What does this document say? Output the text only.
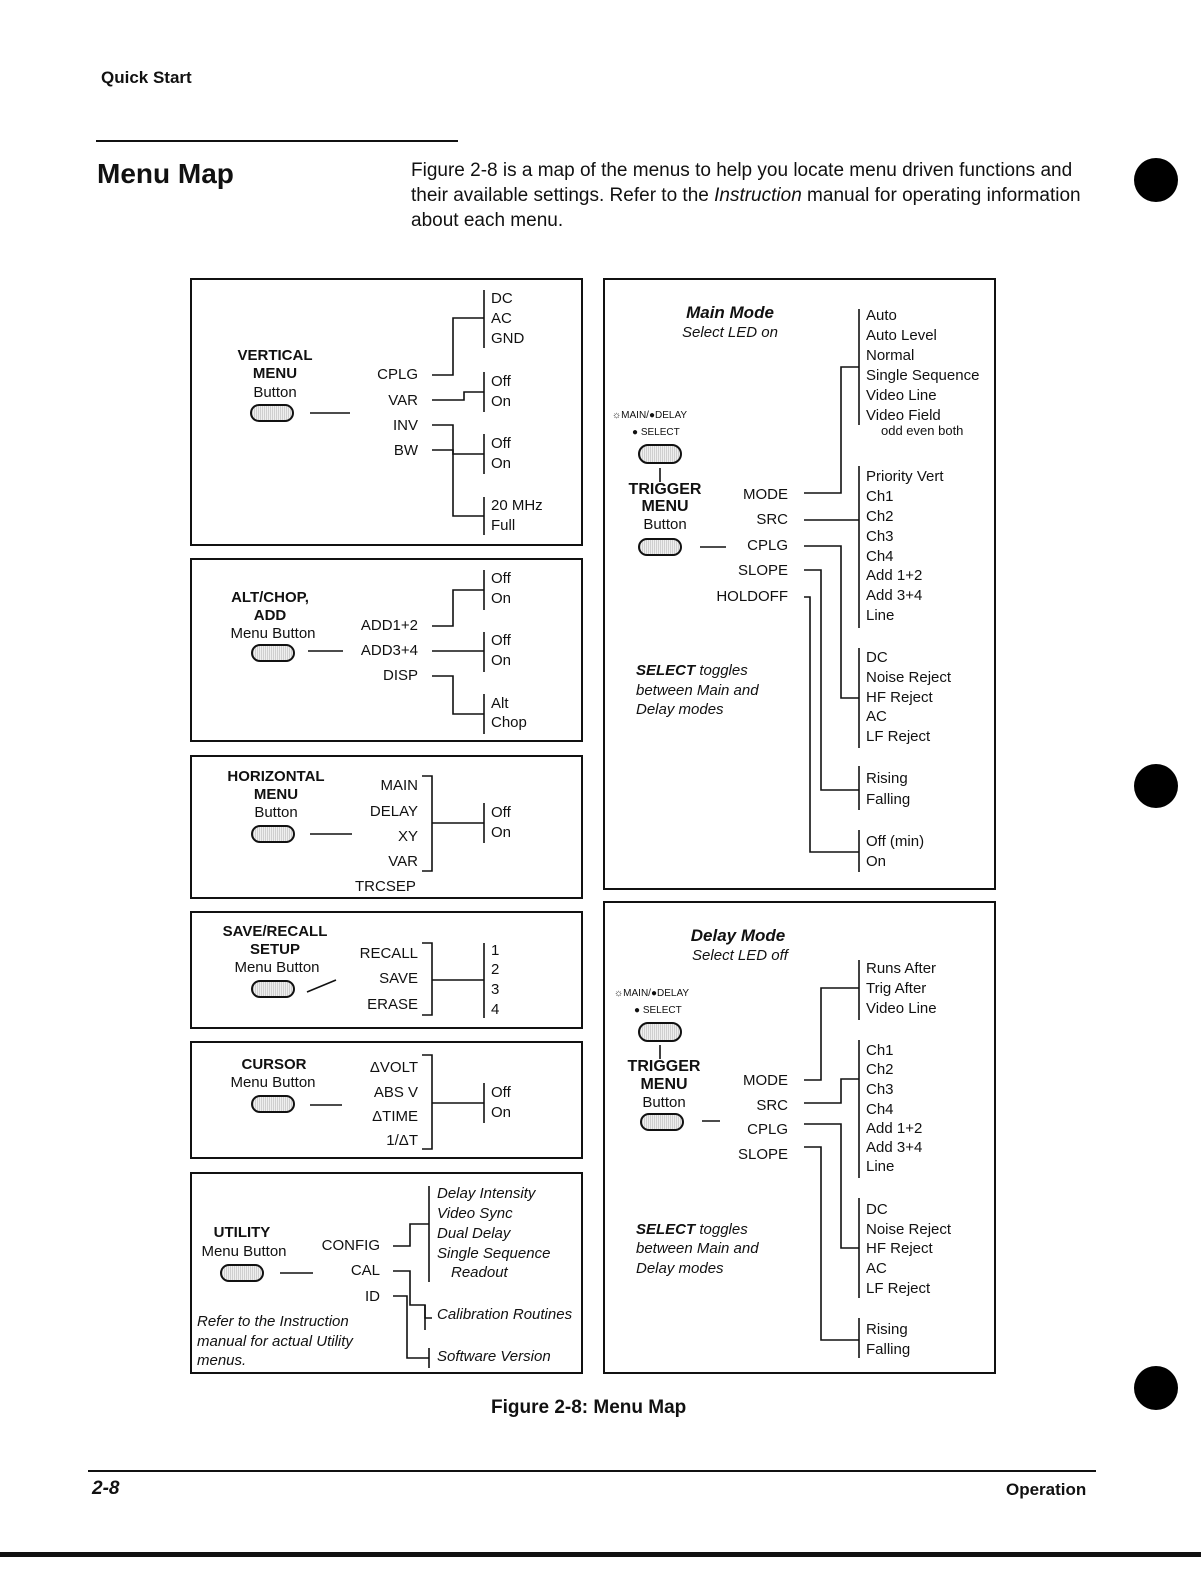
Quick Start
Menu Map	Figure 2-8 is a map of the menus to help you locate menu driven functions and their available settings. Refer to the Instruction manual for operating information about each menu.
VERTICAL
MENU
Button
CPLG
VAR
INV
BW
DC
AC
GND
Off
On
Off
On
20 MHz
Full
ALT/CHOP,
ADD
Menu Button	ADD1+2
ADD3+4
DISP
Off
On
Off
On
Alt
Chop
HORIZONTAL
MENU
Button
MAIN
DELAY
XY
VAR
TRCSEP
Off
On
SAVE/RECALL
SETUP
Menu Button
RECALL
SAVE
ERASE
1
2
3
4
CURSOR
Menu Button
ΔVOLT
ABS V
ΔTIME
1/ΔT
Off
On
UTILITY
Menu Button	CONFIG
CAL
ID
Delay Intensity
Video Sync
Dual Delay
Single Sequence
Readout
Calibration Routines
Software Version
Refer to the Instruction
manual for actual Utility
menus.
Main Mode
Select LED on
☼MAIN/●DELAY
● SELECT
TRIGGER
MENU
Button
MODE
SRC
CPLG
SLOPE
HOLDOFF
Auto
Auto Level
Normal
Single Sequence
Video Line
Video Field
odd even both
Priority Vert
Ch1
Ch2
Ch3
Ch4
Add 1+2
Add 3+4
Line
DC
Noise Reject
HF Reject
AC
LF Reject
Rising
Falling
Off (min)
On
SELECT toggles
between Main and
Delay modes
Delay Mode
Select LED off
☼MAIN/●DELAY
● SELECT
TRIGGER
MENU
Button
MODE
SRC
CPLG
SLOPE
Runs After
Trig After
Video Line
Ch1
Ch2
Ch3
Ch4
Add 1+2
Add 3+4
Line
DC
Noise Reject
HF Reject
AC
LF Reject
Rising
Falling
SELECT toggles
between Main and
Delay modes
Figure 2-8: Menu Map
2-8	Operation
